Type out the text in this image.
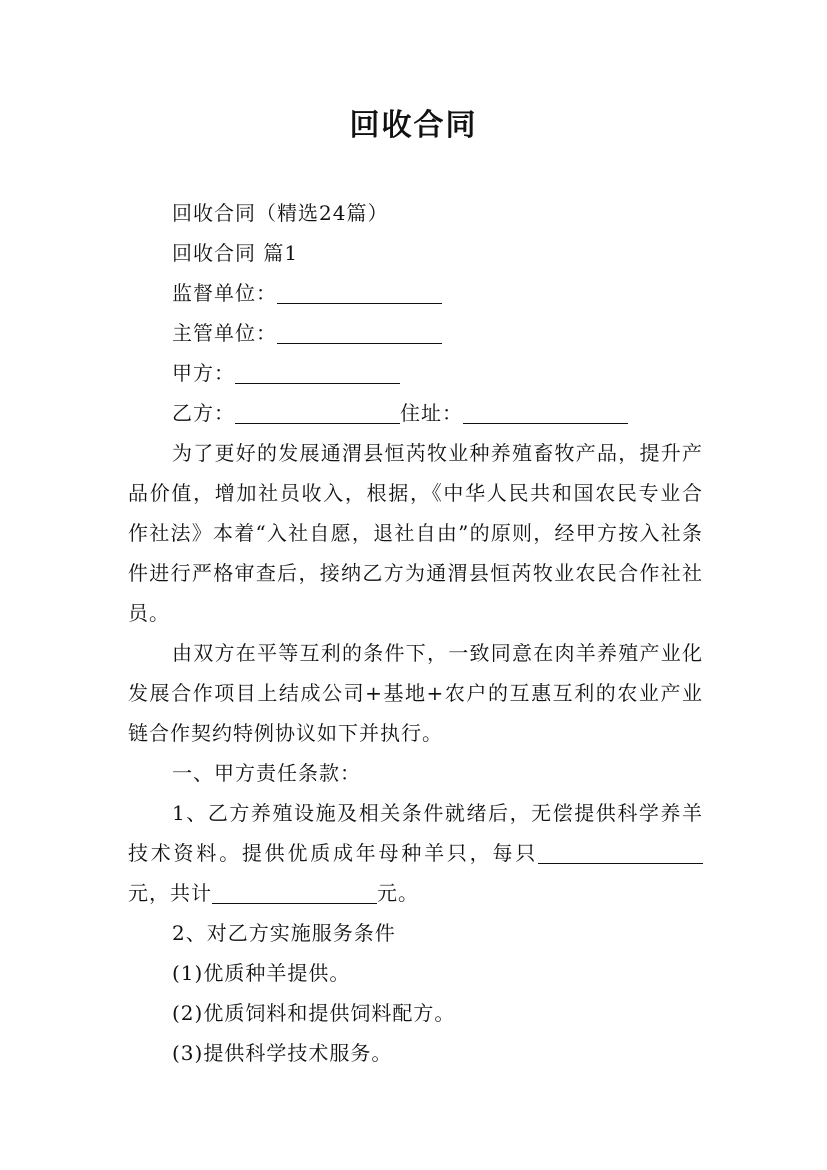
回收合同

回收合同（精选24篇）

回收合同 篇1

监督单位：

主管单位：

甲方：

乙方：	住址：

为了更好的发展通渭县恒芮牧业种养殖畜牧产品，提升产品价值，增加社员收入，根据，《中华人民共和国农民专业合作社法》本着“入社自愿，退社自由”的原则，经甲方按入社条件进行严格审查后，接纳乙方为通渭县恒芮牧业农民合作社社员。

由双方在平等互利的条件下，一致同意在肉羊养殖产业化发展合作项目上结成公司+基地+农户的互惠互利的农业产业链合作契约特例协议如下并执行。

一、甲方责任条款：

1、乙方养殖设施及相关条件就绪后，无偿提供科学养羊技术资料。提供优质成年母种羊只，每只元，共计	元。

2、对乙方实施服务条件

(1)优质种羊提供。

(2)优质饲料和提供饲料配方。

(3)提供科学技术服务。
